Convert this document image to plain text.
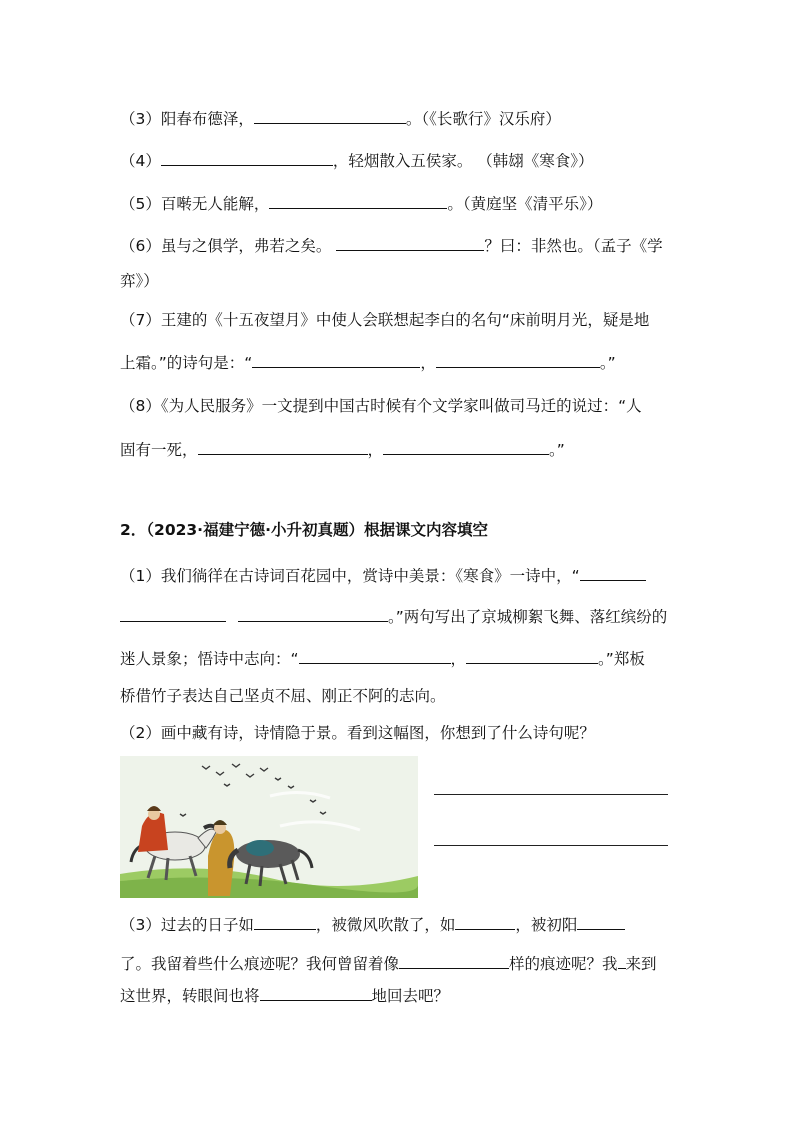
（3）阳春布德泽，	。（《长歌行》汉乐府）
（4）	，轻烟散入五侯家。 （韩翃《寒食》）
（5）百啭无人能解，	。（黄庭坚《清平乐》）
（6）虽与之俱学，弗若之矣。	？曰：非然也。（孟子《学
弈》）
（7）王建的《十五夜望月》中使人会联想起李白的名句“床前明月光，疑是地
上霜。”的诗句是：“	，	。”
（8）《为人民服务》一文提到中国古时候有个文学家叫做司马迁的说过：“人
固有一死，	，	。”
2．（2023·福建宁德·小升初真题）根据课文内容填空
（1）我们徜徉在古诗词百花园中，赏诗中美景：《寒食》一诗中，“
。”两句写出了京城柳絮飞舞、落红缤纷的
迷人景象；悟诗中志向：“	，	。”郑板
桥借竹子表达自己坚贞不屈、刚正不阿的志向。
（2）画中藏有诗，诗情隐于景。看到这幅图，你想到了什么诗句呢？
（3）过去的日子如	，被微风吹散了，如	，被初阳
了。我留着些什么痕迹呢？我何曾留着像	样的痕迹呢？我 来到
这世界，转眼间也将	地回去吧？
